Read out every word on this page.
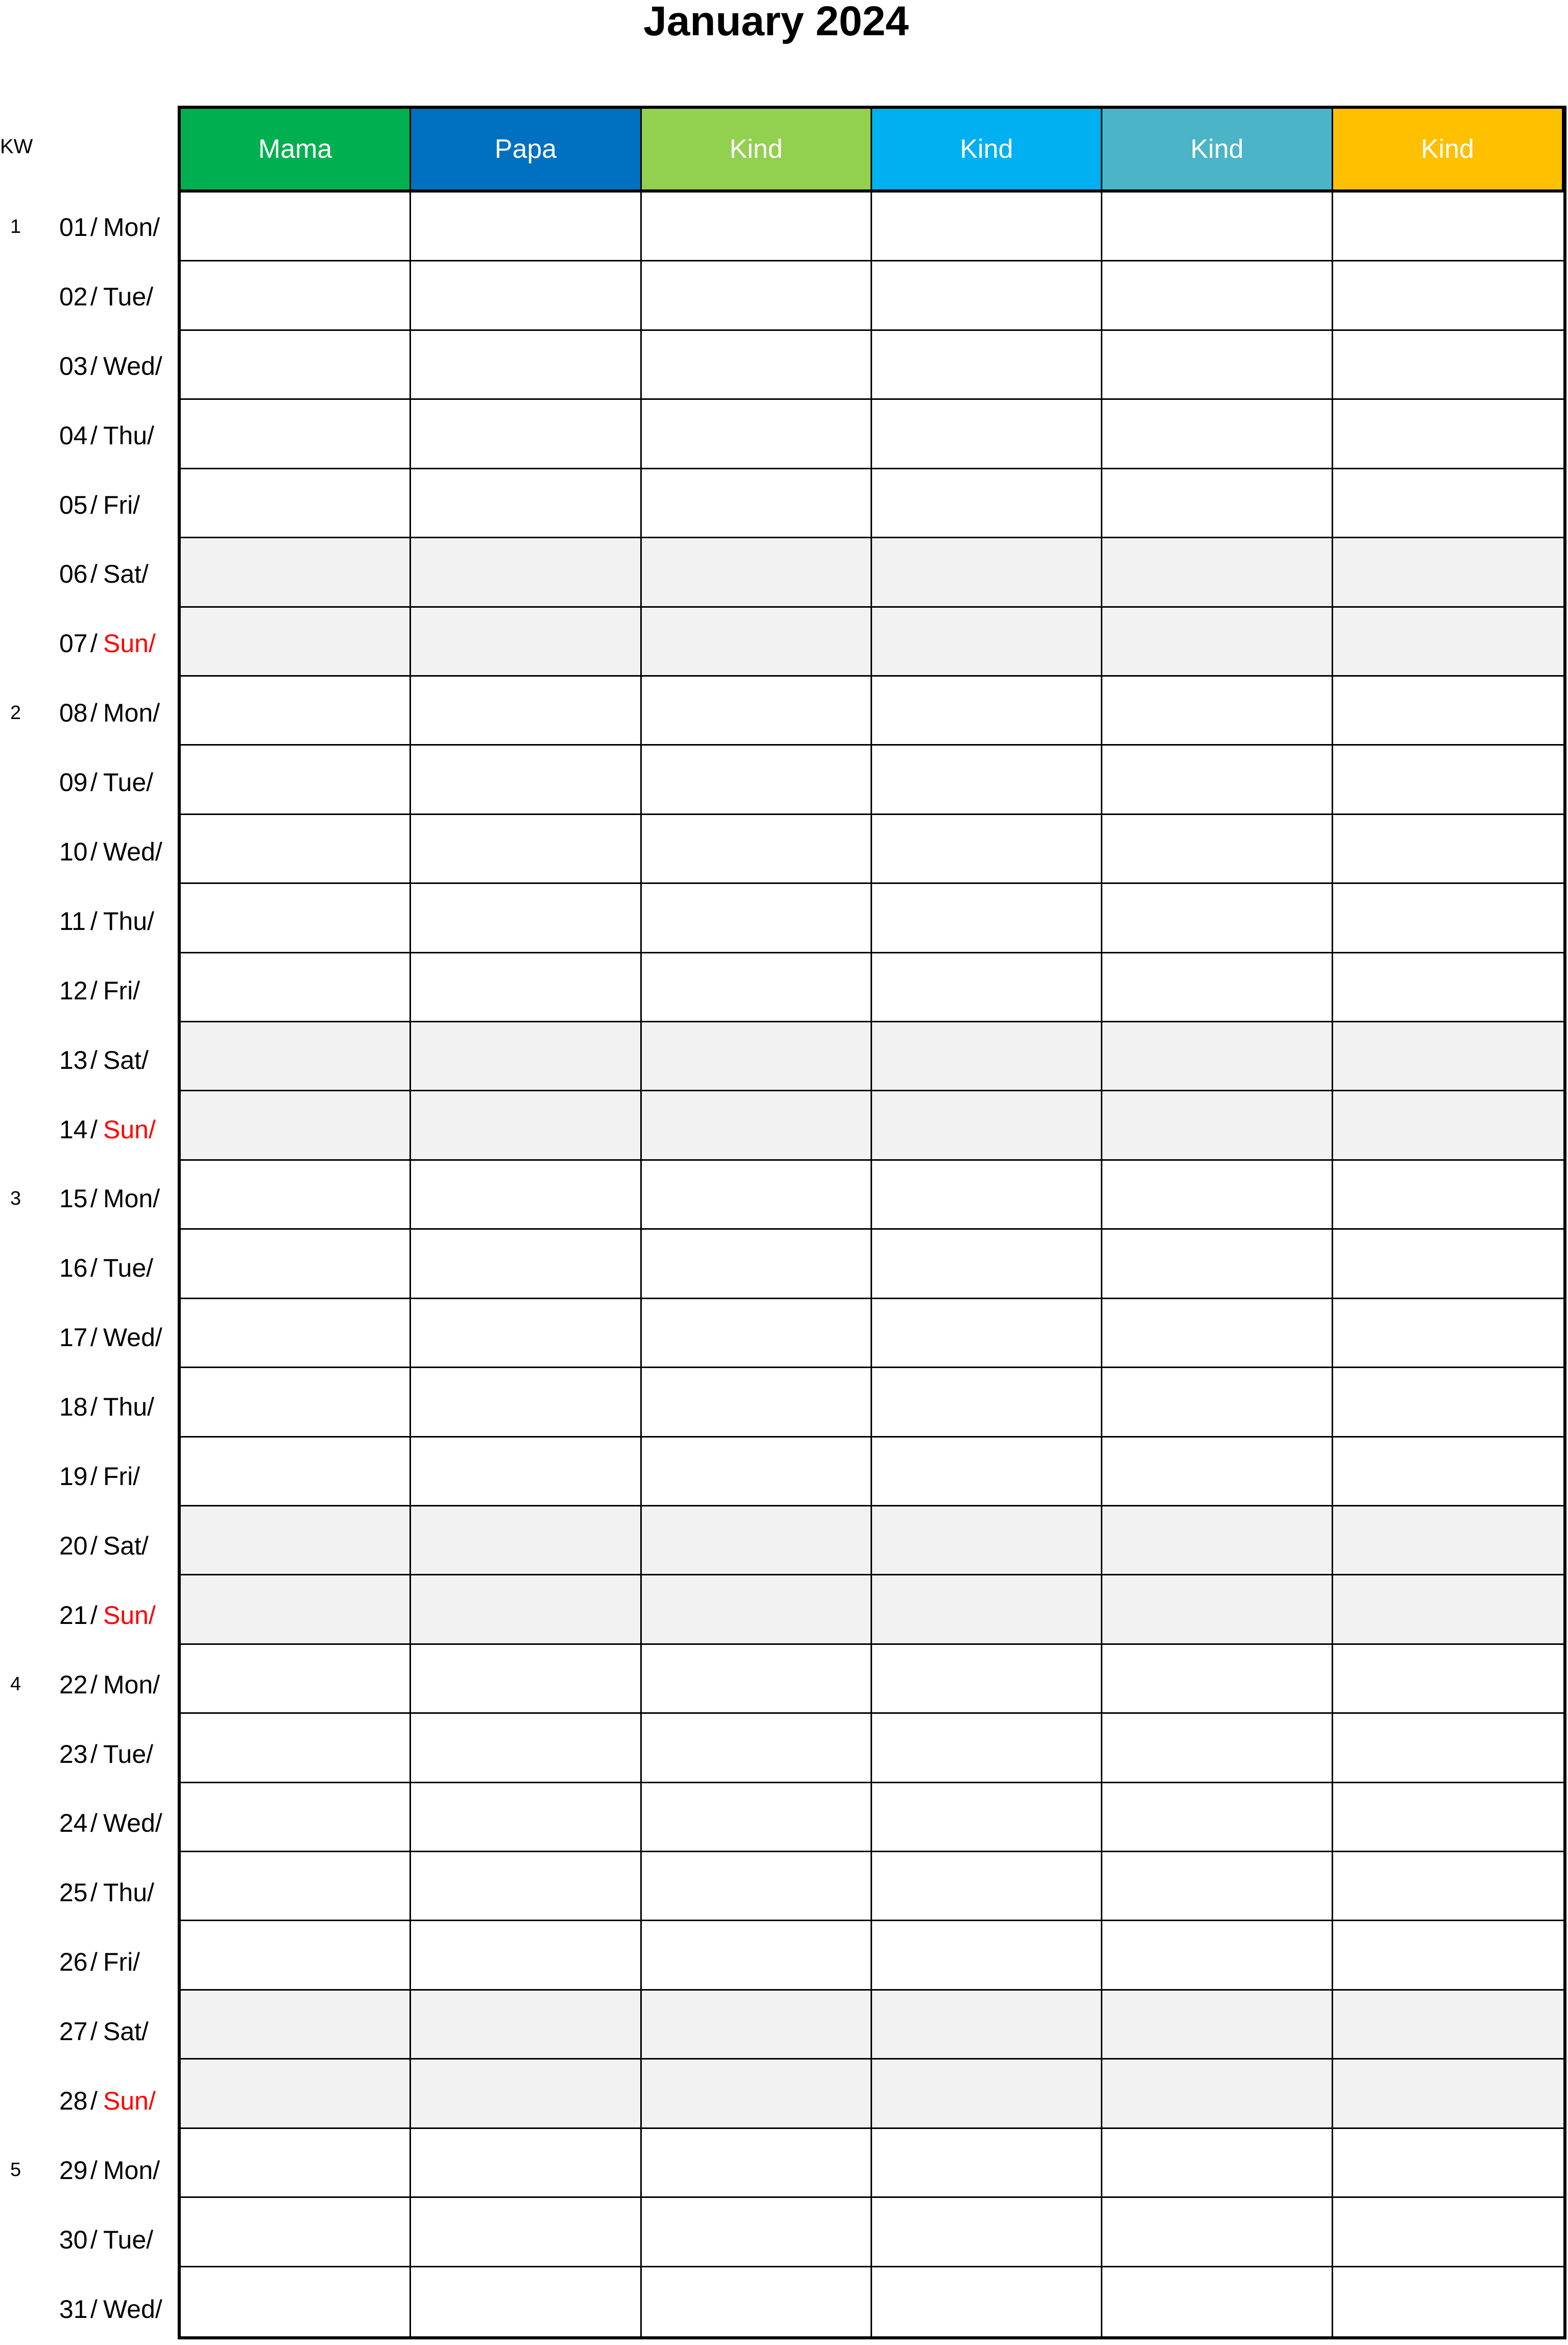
January 2024
KW	Mama	Papa	Kind	Kind	Kind	Kind
1 01 / Mon/
02 / Tue/
03 / Wed/
04 / Thu/
05 / Fri/
06 / Sat/
07 / Sun/
2 08 / Mon/
09 / Tue/
10 / Wed/
11 / Thu/
12 / Fri/
13 / Sat/
14 / Sun/
3 15 / Mon/
16 / Tue/
17 / Wed/
18 / Thu/
19 / Fri/
20 / Sat/
21 / Sun/
4 22 / Mon/
23 / Tue/
24 / Wed/
25 / Thu/
26 / Fri/
27 / Sat/
28 / Sun/
5 29 / Mon/
30 / Tue/
31 / Wed/
